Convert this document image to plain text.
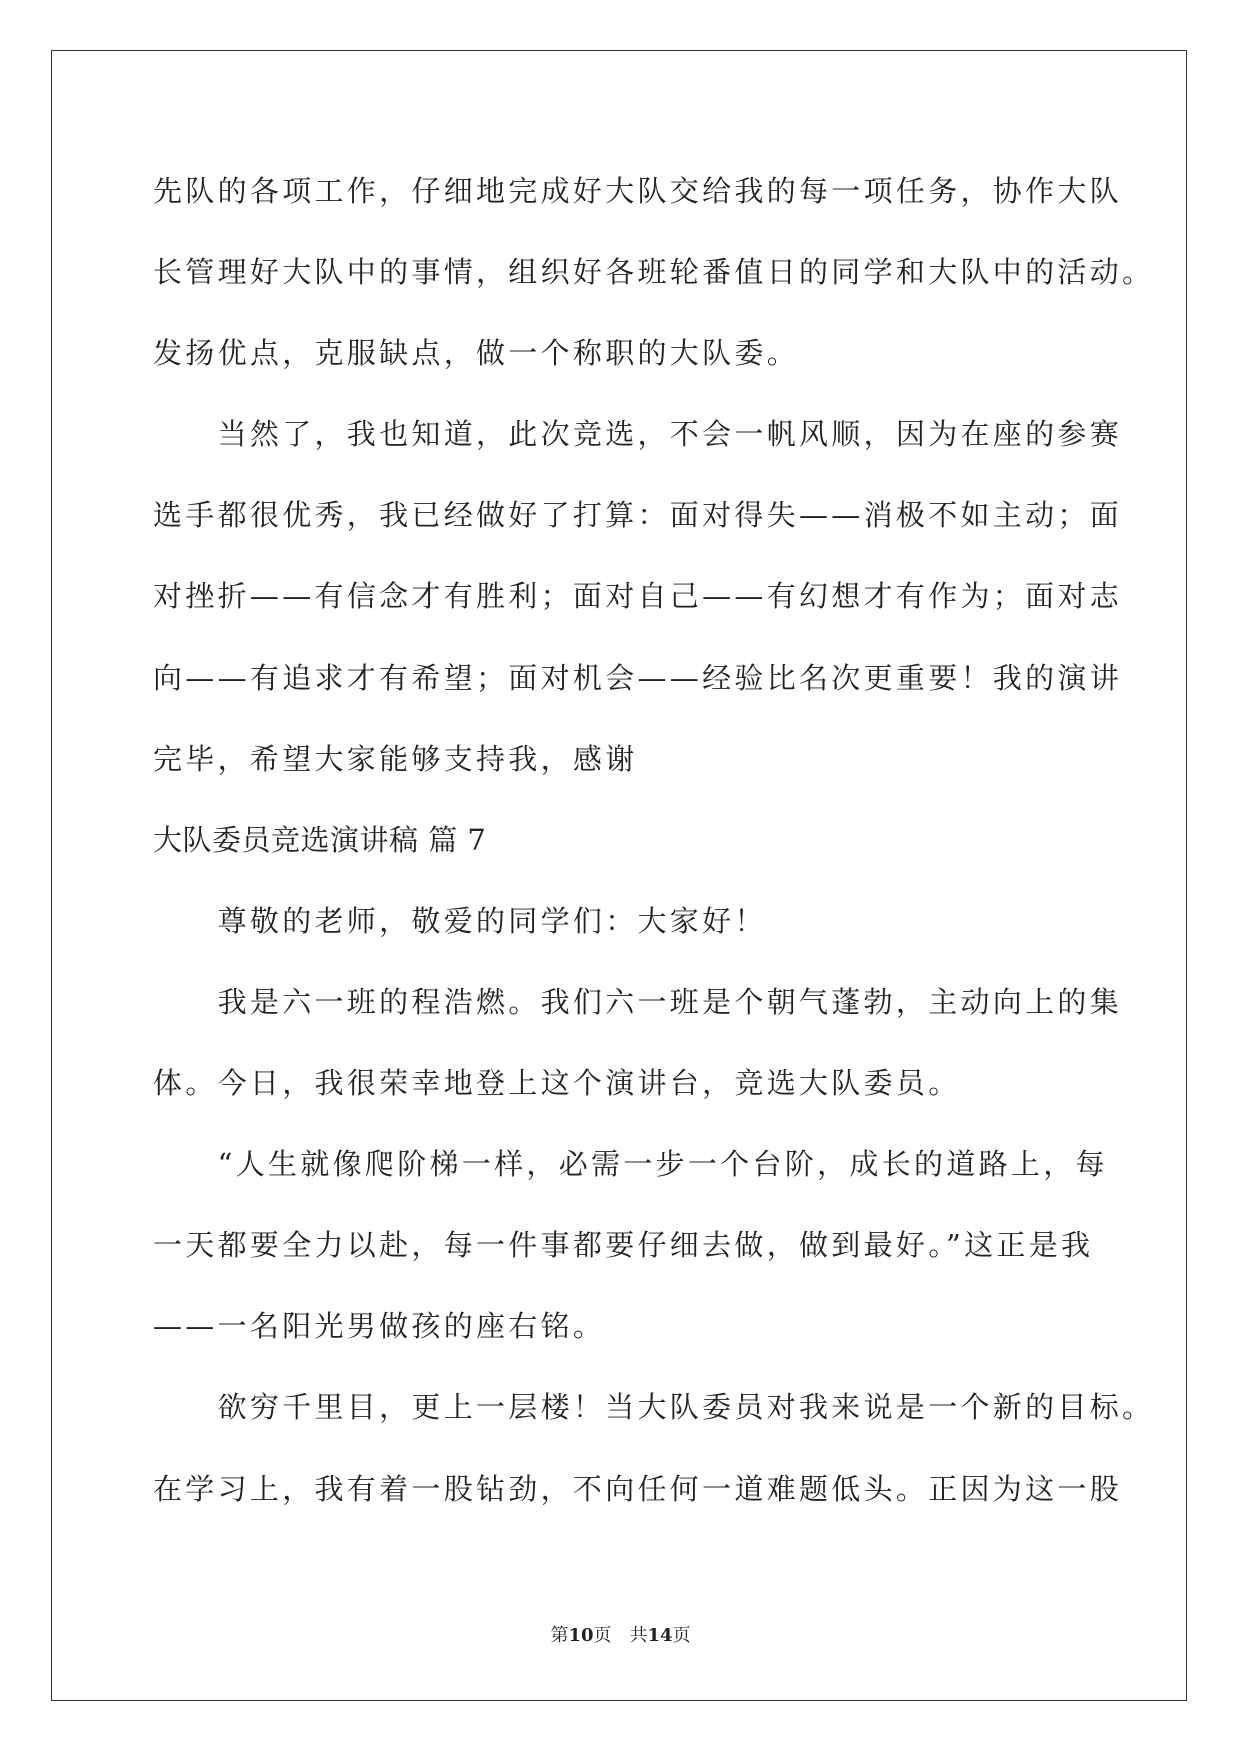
先队的各项工作，仔细地完成好大队交给我的每一项任务，协作大队
长管理好大队中的事情，组织好各班轮番值日的同学和大队中的活动。
发扬优点，克服缺点，做一个称职的大队委。
当然了，我也知道，此次竞选，不会一帆风顺，因为在座的参赛
选手都很优秀，我已经做好了打算：面对得失——消极不如主动；面
对挫折——有信念才有胜利；面对自己——有幻想才有作为；面对志
向——有追求才有希望；面对机会——经验比名次更重要！我的演讲
完毕，希望大家能够支持我，感谢
大队委员竞选演讲稿 篇 7
尊敬的老师，敬爱的同学们：大家好！
我是六一班的程浩燃。我们六一班是个朝气蓬勃，主动向上的集
体。今日，我很荣幸地登上这个演讲台，竞选大队委员。
“人生就像爬阶梯一样，必需一步一个台阶，成长的道路上，每
一天都要全力以赴，每一件事都要仔细去做，做到最好。”这正是我
——一名阳光男做孩的座右铭。
欲穷千里目，更上一层楼！当大队委员对我来说是一个新的目标。
在学习上，我有着一股钻劲，不向任何一道难题低头。正因为这一股
第10页　共14页
